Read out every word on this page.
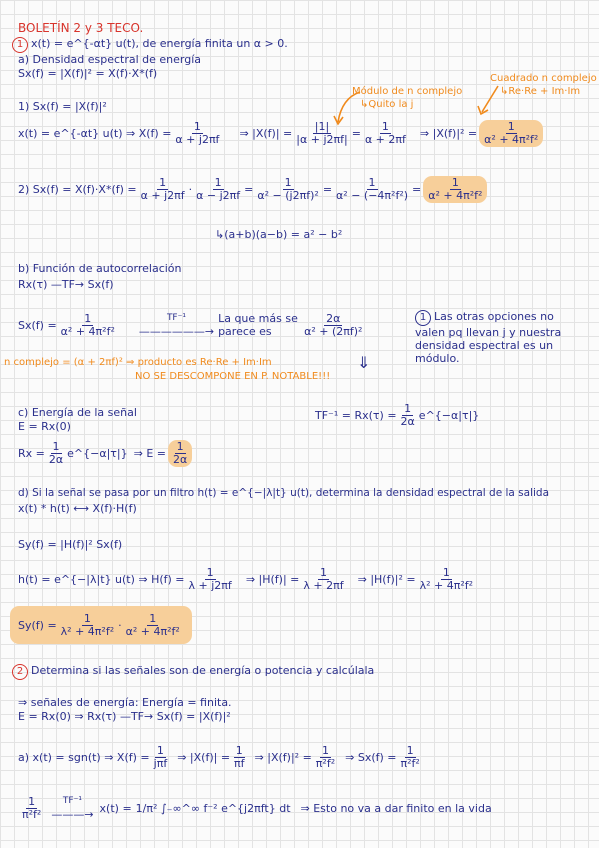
BOLETÍN 2 y 3 TECO.
1 x(t) = e^{-αt} u(t), de energía finita un α > 0.
a) Densidad espectral de energía
Sx(f) = |X(f)|² = X(f)·X*(f)
Módulo de n complejo
↳Quito la j
Cuadrado n complejo
↳Re·Re + Im·Im
1) Sx(f) = |X(f)|²
x(t) = e^{-αt} u(t) ⇒ $X(f) = \frac{1}{\alpha + j2\pi f}$ ⇒ $|X(f)| = \frac{|1|}{|\alpha + j2\pi f|} = \frac{1}{\alpha + 2\pi f}$ ⇒ $|X(f)|^2 = \frac{1}{\text{α² + 4π²f²}}$
2) $Sx(f) = X(f)\cdot X*(f) = \frac{1}{\alpha + j2\pi f} \cdot \frac{1}{\alpha - j2\pi f} = \frac{1}{\text{α² − (j2πf)²}} = \frac{1}{\text{α² − (−4π²f²)}} = \frac{1}{\text{α² + 4π²f²}}$
↳(a+b)(a−b) = a² − b²
b) Función de autocorrelación
Rx(τ) —TF→ Sx(f)
$Sx(f) = \frac{1}{\text{α² + 4π²f²}}$	TF⁻¹
——————→
La que más se parece es
2α
α² + (2πf)²
1 Las otras opciones no valen pq llevan j y nuestra densidad espectral es un módulo.
n complejo = (α + 2πf)² ⇒ producto es Re·Re + Im·Im
NO SE DESCOMPONE EN P. NOTABLE!!!
⇓
$TF^{-1} = Rx(\tau) = \frac{1}{2\alpha}$ e^{−α|τ|}
c) Energía de la señal
E = Rx(0)
$Rx = \frac{1}{2\alpha}$ e^{−α|τ|} ⇒ $E = \frac{1}{2\alpha}$
d) Si la señal se pasa por un filtro h(t) = e^{−|λ|t} u(t), determina la densidad espectral de la salida
x(t) * h(t) ⟷ X(f)·H(f)
Sy(f) = |H(f)|² Sx(f)
h(t) = e^{−|λ|t} u(t) ⇒ $H(f) = \frac{1}{\lambda + j2\pi f}$ ⇒ $|H(f)| = \frac{1}{\lambda + 2\pi f}$ ⇒ $|H(f)|^2 = \frac{1}{\text{λ² + 4π²f²}}$
$Sy(f) = \frac{1}{\text{λ² + 4π²f²}}$ ·
1
α² + 4π²f²
2 Determina si las señales son de energía o potencia y calcúlala
⇒ señales de energía: Energía = finita.
E = Rx(0) ⇒ Rx(τ) —TF→ Sx(f) = |X(f)|²
a) x(t) = sgn(t) ⇒ X(f) =
1
jπf ⇒ $|X(f)| = \frac{1}{\pi f}$ ⇒ $|X(f)|^2 = \frac{1}{\text{π²f²}}$ ⇒ $Sx(f) = \frac{1}{\text{π²f²}}$
1
π²f²
TF⁻¹
———→ x(t) = 1/π² ∫₋∞^∞ f⁻² e^{j2πft} dt ⇒ Esto no va a dar finito en la vida
